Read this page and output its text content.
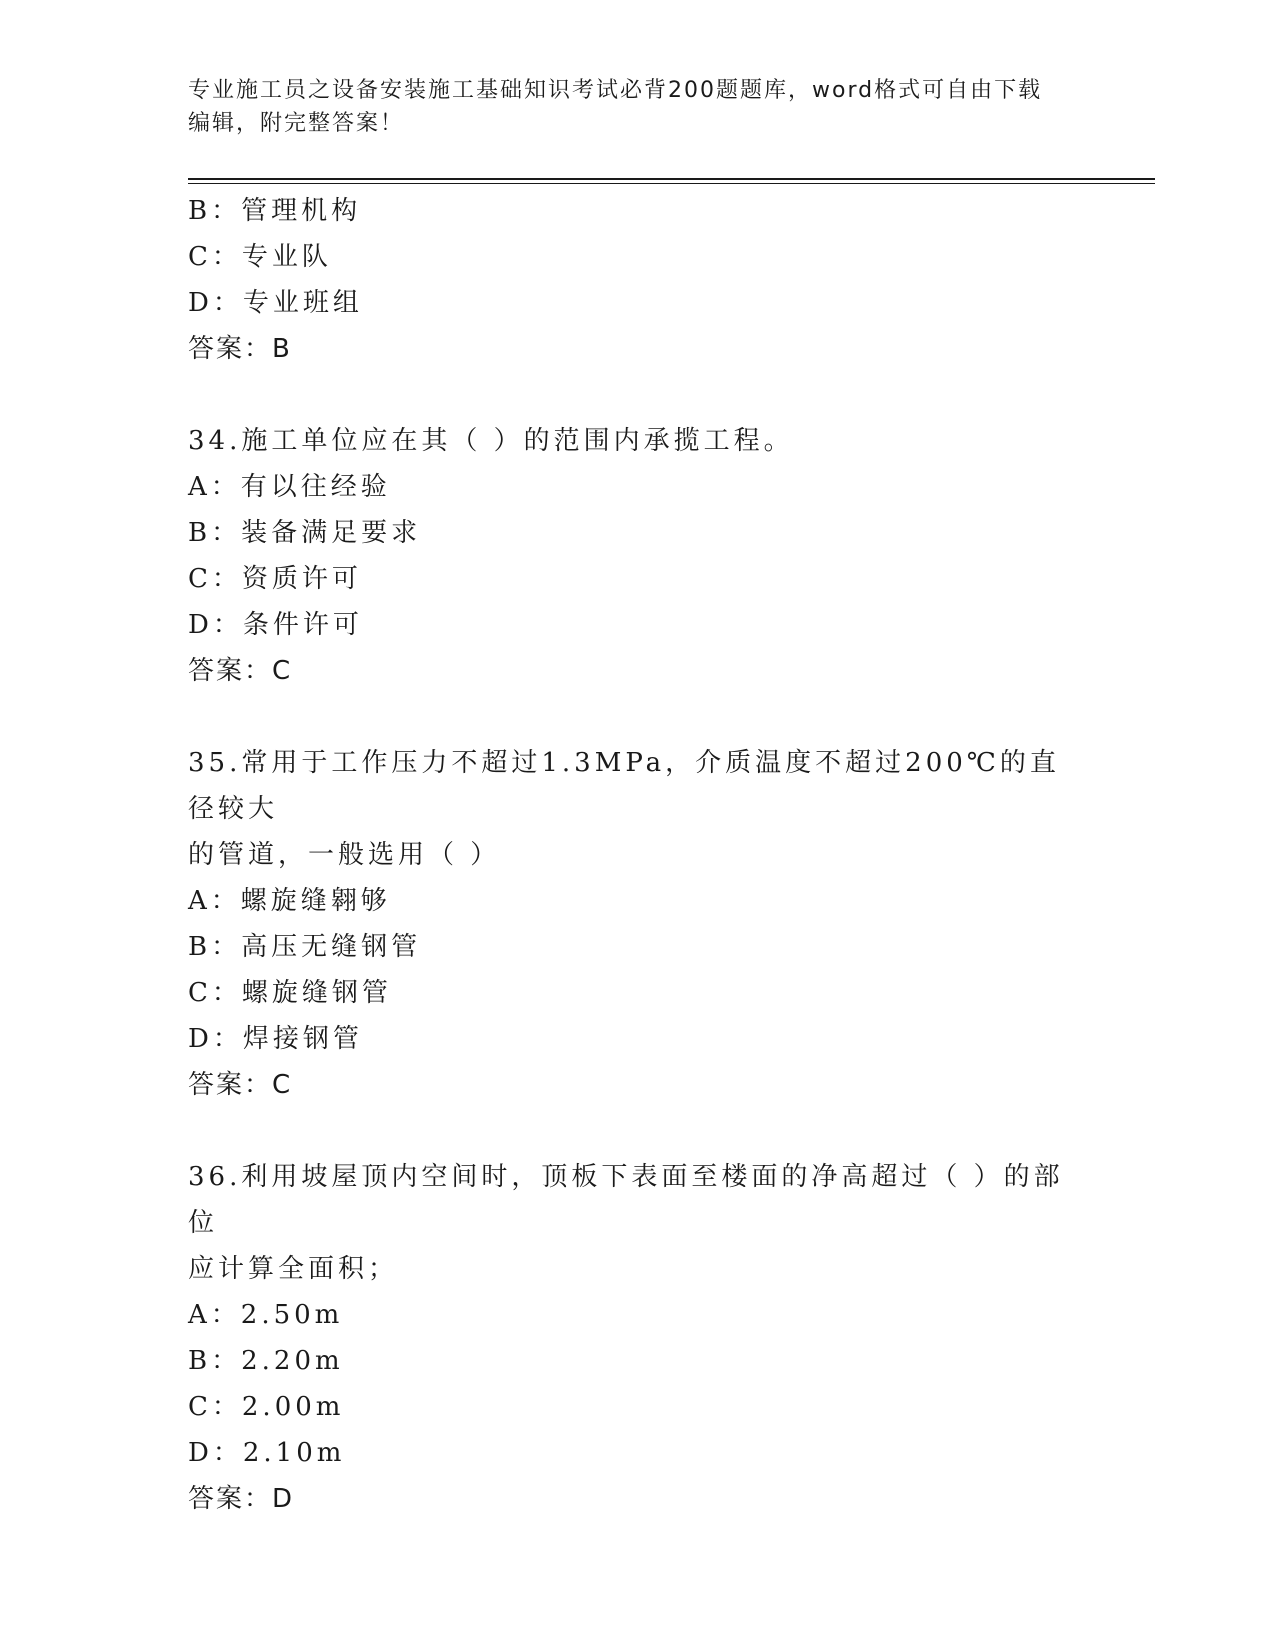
专业施工员之设备安装施工基础知识考试必背200题题库，word格式可自由下载
编辑，附完整答案！
B：管理机构
C：专业队
D：专业班组
答案：B
34.施工单位应在其（ ）的范围内承揽工程。
A：有以往经验
B：装备满足要求
C：资质许可
D：条件许可
答案：C
35.常用于工作压力不超过1.3MPa，介质温度不超过200℃的直径较大
的管道，一般选用（ ）
A：螺旋缝翱够
B：高压无缝钢管
C：螺旋缝钢管
D：焊接钢管
答案：C
36.利用坡屋顶内空间时，顶板下表面至楼面的净高超过（ ）的部位
应计算全面积；
A：2.50m
B：2.20m
C：2.00m
D：2.10m
答案：D
